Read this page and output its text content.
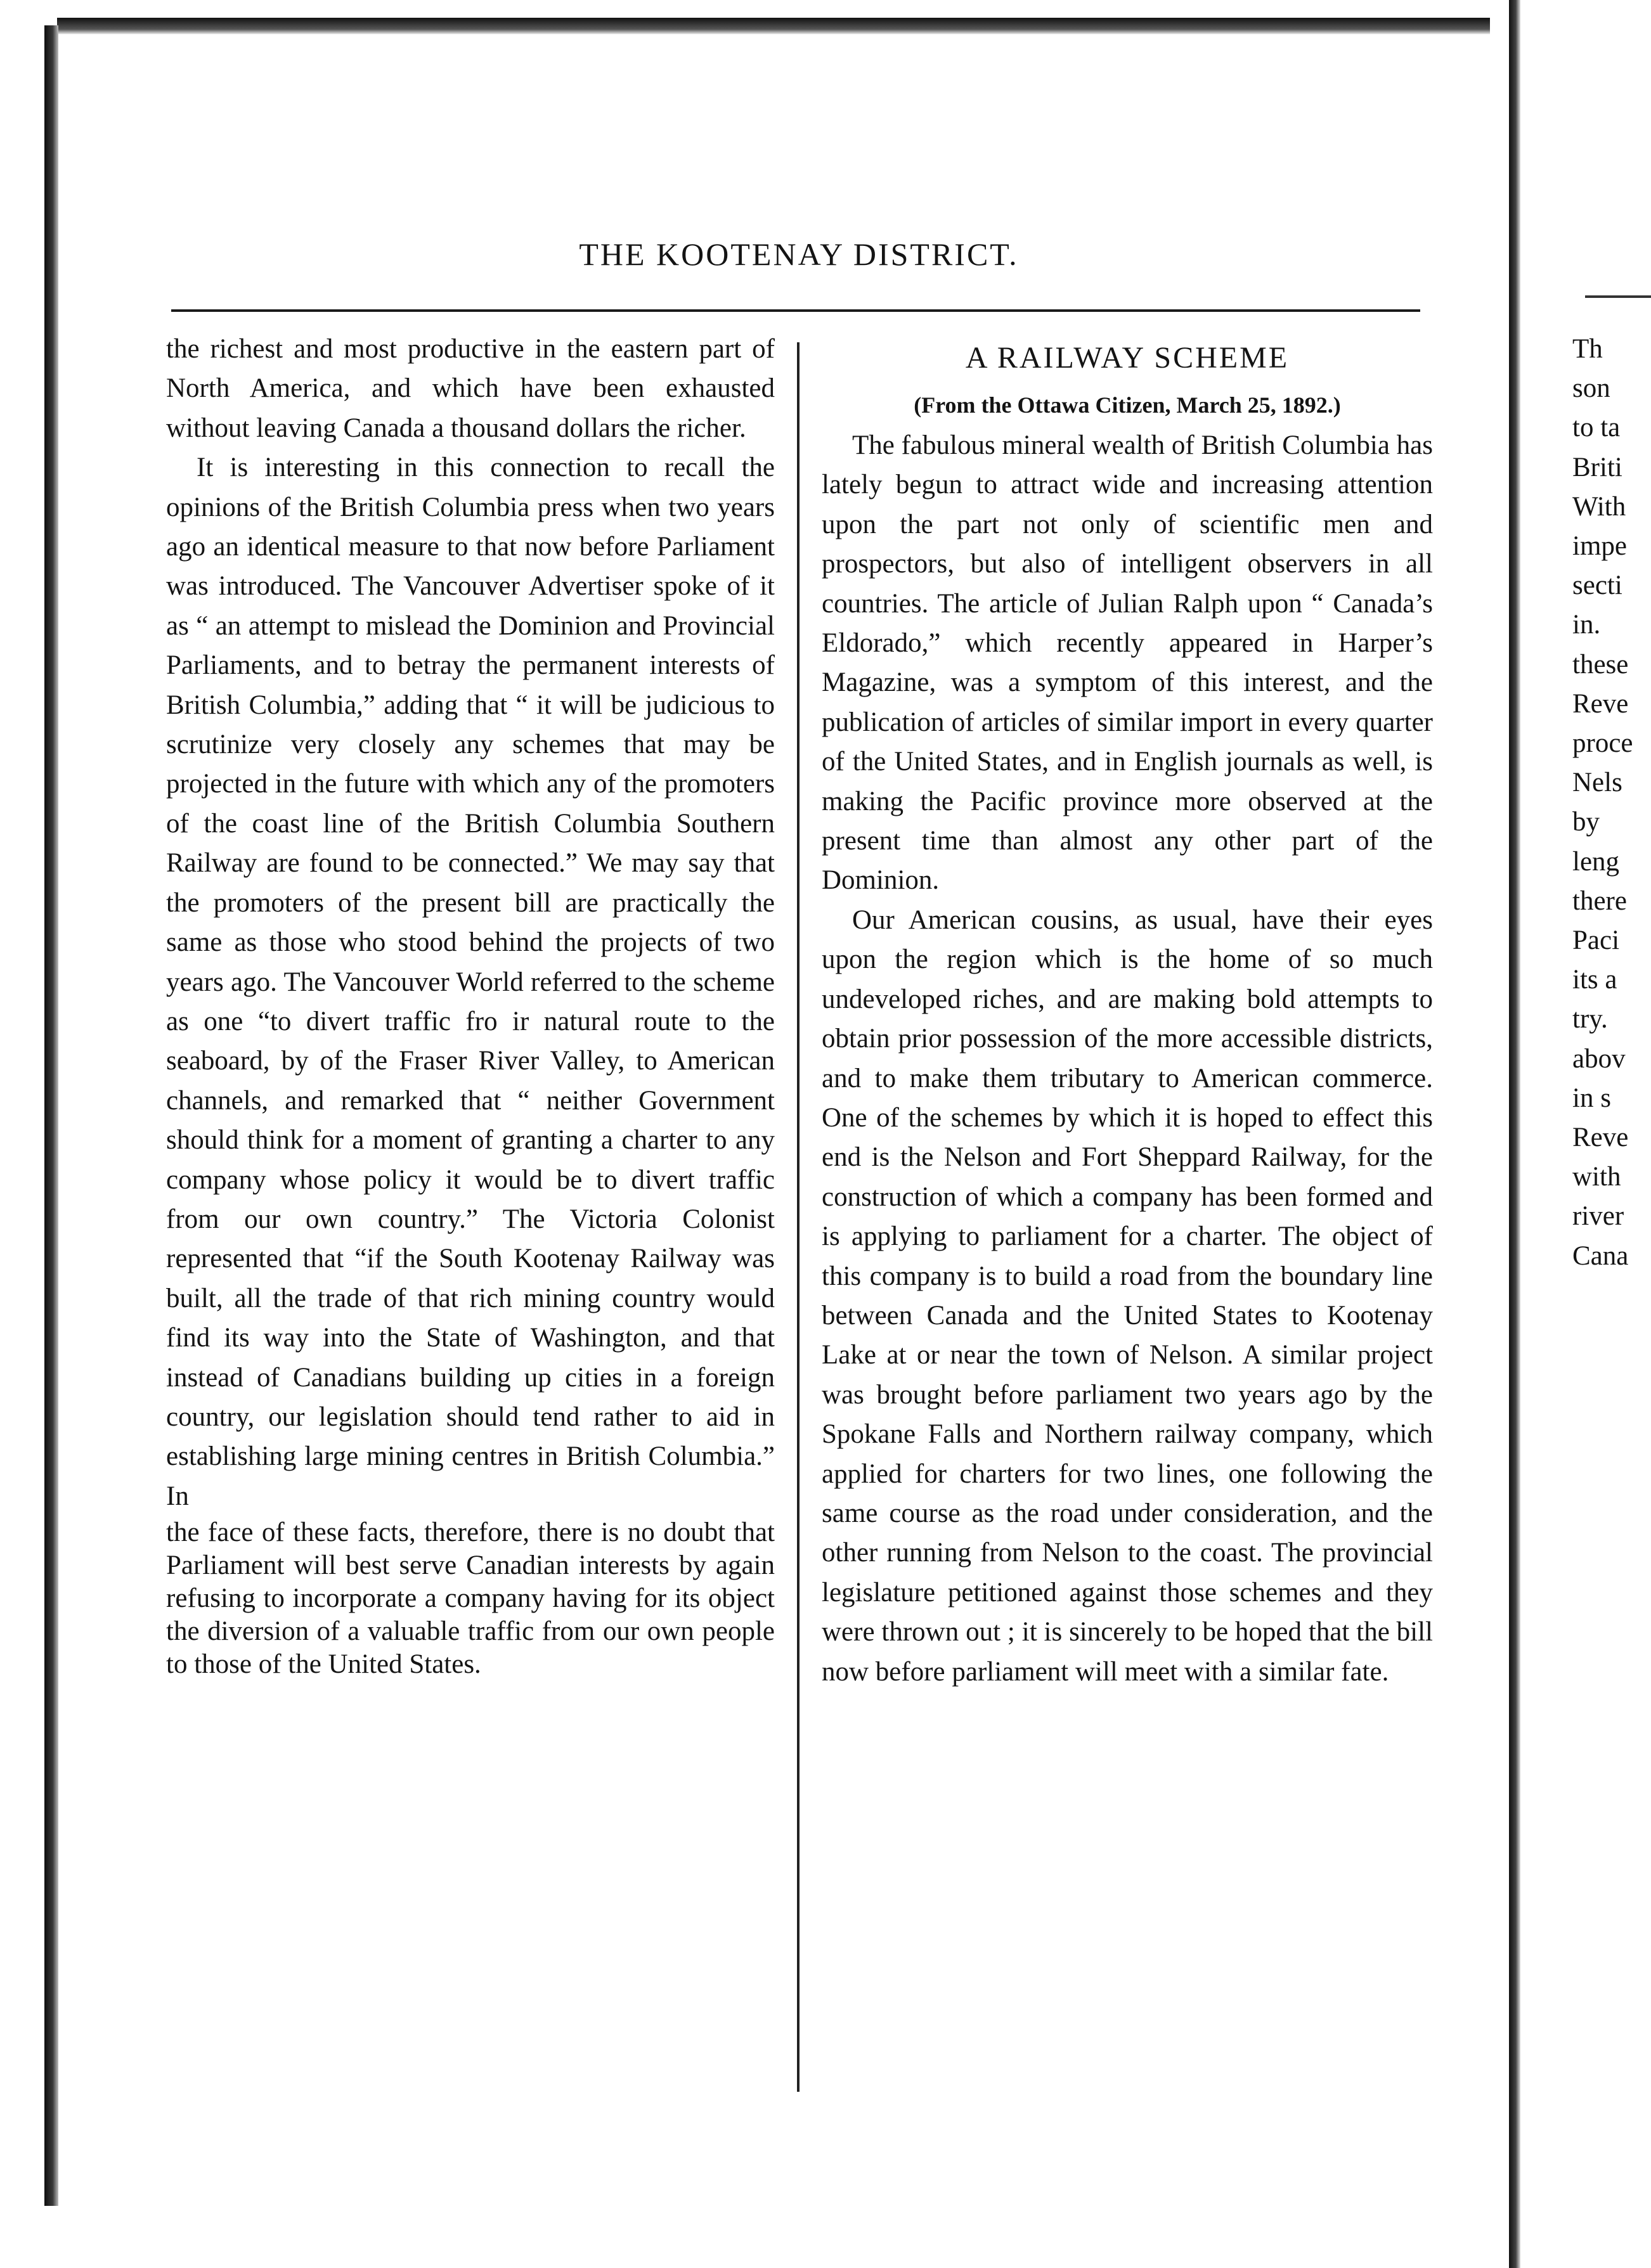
THE KOOTENAY DISTRICT.

the richest and most productive in the eastern part of North America, and which have been exhausted without leaving Canada a thousand dollars the richer.

It is interesting in this connection to recall the opinions of the British Columbia press when two years ago an identical measure to that now before Parliament was introduced. The Vancouver Advertiser spoke of it as “ an attempt to mislead the Dominion and Provincial Parliaments, and to betray the permanent interests of British Columbia,” adding that “ it will be judicious to scrutinize very closely any schemes that may be projected in the future with which any of the promoters of the coast line of the British Columbia Southern Railway are found to be connected.” We may say that the promoters of the present bill are practically the same as those who stood behind the projects of two years ago. The Vancouver World referred to the scheme as one “to divert traffic fro ir natural route to the seaboard, by of the Fraser River Valley, to American channels, and remarked that “ neither Government should think for a moment of granting a charter to any company whose policy it would be to divert traffic from our own country.” The Victoria Colonist represented that “if the South Kootenay Railway was built, all the trade of that rich mining country would find its way into the State of Washington, and that instead of Canadians building up cities in a foreign country, our legislation should tend rather to aid in establishing large mining centres in British Columbia.” In

the face of these facts, therefore, there is no doubt that Parliament will best serve Canadian interests by again refusing to incorporate a company having for its object the diversion of a valuable traffic from our own people to those of the United States.

A RAILWAY SCHEME

(From the Ottawa Citizen, March 25, 1892.)

The fabulous mineral wealth of British Columbia has lately begun to attract wide and increasing attention upon the part not only of scientific men and prospectors, but also of intelligent observers in all countries. The article of Julian Ralph upon “ Canada’s Eldorado,” which recently appeared in Harper’s Magazine, was a symptom of this interest, and the publication of articles of similar import in every quarter of the United States, and in English journals as well, is making the Pacific province more observed at the present time than almost any other part of the Dominion.

Our American cousins, as usual, have their eyes upon the region which is the home of so much undeveloped riches, and are making bold attempts to obtain prior possession of the more accessible districts, and to make them tributary to American commerce. One of the schemes by which it is hoped to effect this end is the Nelson and Fort Sheppard Railway, for the construction of which a company has been formed and is applying to parliament for a charter. The object of this company is to build a road from the boundary line between Canada and the United States to Kootenay Lake at or near the town of Nelson. A similar project was brought before parliament two years ago by the Spokane Falls and Northern railway company, which applied for charters for two lines, one following the same course as the road under consideration, and the other running from Nelson to the coast. The provincial legislature petitioned against those schemes and they were thrown out ; it is sincerely to be hoped that the bill now before parliament will meet with a similar fate.

Th
son
to ta
Briti
With
impe
secti
in.
these
Reve
proce
Nels
by
leng
there
Paci
its a
try.
abov
in s
Reve
with
river
Cana
